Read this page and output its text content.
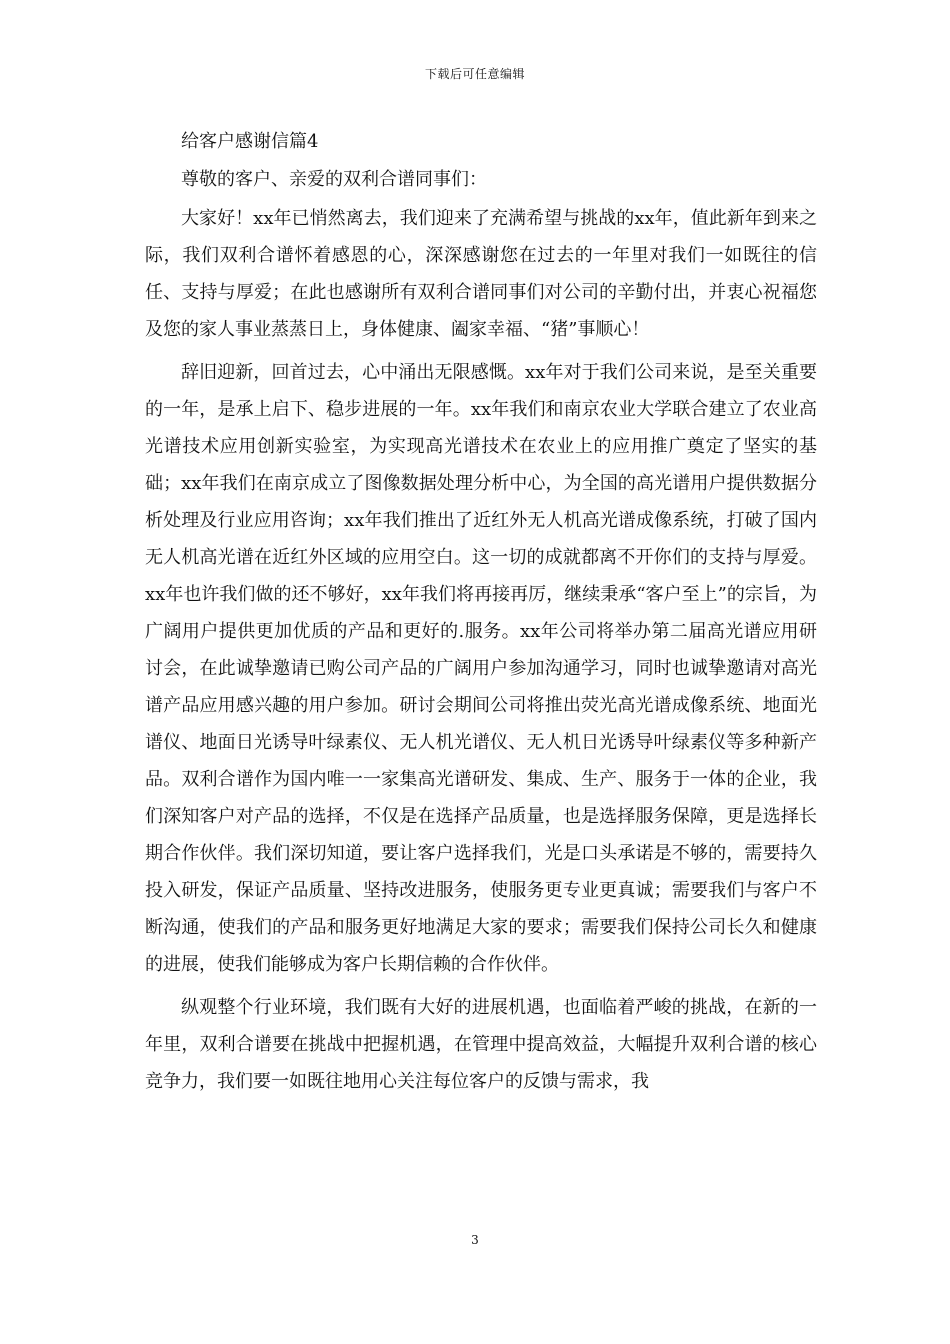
下载后可任意编辑

给客户感谢信篇4

尊敬的客户、亲爱的双利合谱同事们：

大家好！xx年已悄然离去，我们迎来了充满希望与挑战的xx年，值此新年到来之际，我们双利合谱怀着感恩的心，深深感谢您在过去的一年里对我们一如既往的信任、支持与厚爱；在此也感谢所有双利合谱同事们对公司的辛勤付出，并衷心祝福您及您的家人事业蒸蒸日上，身体健康、阖家幸福、“猪”事顺心！

辞旧迎新，回首过去，心中涌出无限感慨。xx年对于我们公司来说，是至关重要的一年，是承上启下、稳步进展的一年。xx年我们和南京农业大学联合建立了农业高光谱技术应用创新实验室，为实现高光谱技术在农业上的应用推广奠定了坚实的基础；xx年我们在南京成立了图像数据处理分析中心，为全国的高光谱用户提供数据分析处理及行业应用咨询；xx年我们推出了近红外无人机高光谱成像系统，打破了国内无人机高光谱在近红外区域的应用空白。这一切的成就都离不开你们的支持与厚爱。xx年也许我们做的还不够好，xx年我们将再接再厉，继续秉承“客户至上”的宗旨，为广阔用户提供更加优质的产品和更好的.服务。xx年公司将举办第二届高光谱应用研讨会，在此诚挚邀请已购公司产品的广阔用户参加沟通学习，同时也诚挚邀请对高光谱产品应用感兴趣的用户参加。研讨会期间公司将推出荧光高光谱成像系统、地面光谱仪、地面日光诱导叶绿素仪、无人机光谱仪、无人机日光诱导叶绿素仪等多种新产品。双利合谱作为国内唯一一家集高光谱研发、集成、生产、服务于一体的企业，我们深知客户对产品的选择，不仅是在选择产品质量，也是选择服务保障，更是选择长期合作伙伴。我们深切知道，要让客户选择我们，光是口头承诺是不够的，需要持久投入研发，保证产品质量、坚持改进服务，使服务更专业更真诚；需要我们与客户不断沟通，使我们的产品和服务更好地满足大家的要求；需要我们保持公司长久和健康的进展，使我们能够成为客户长期信赖的合作伙伴。

纵观整个行业环境，我们既有大好的进展机遇，也面临着严峻的挑战，在新的一年里，双利合谱要在挑战中把握机遇，在管理中提高效益，大幅提升双利合谱的核心竞争力，我们要一如既往地用心关注每位客户的反馈与需求，我

3
